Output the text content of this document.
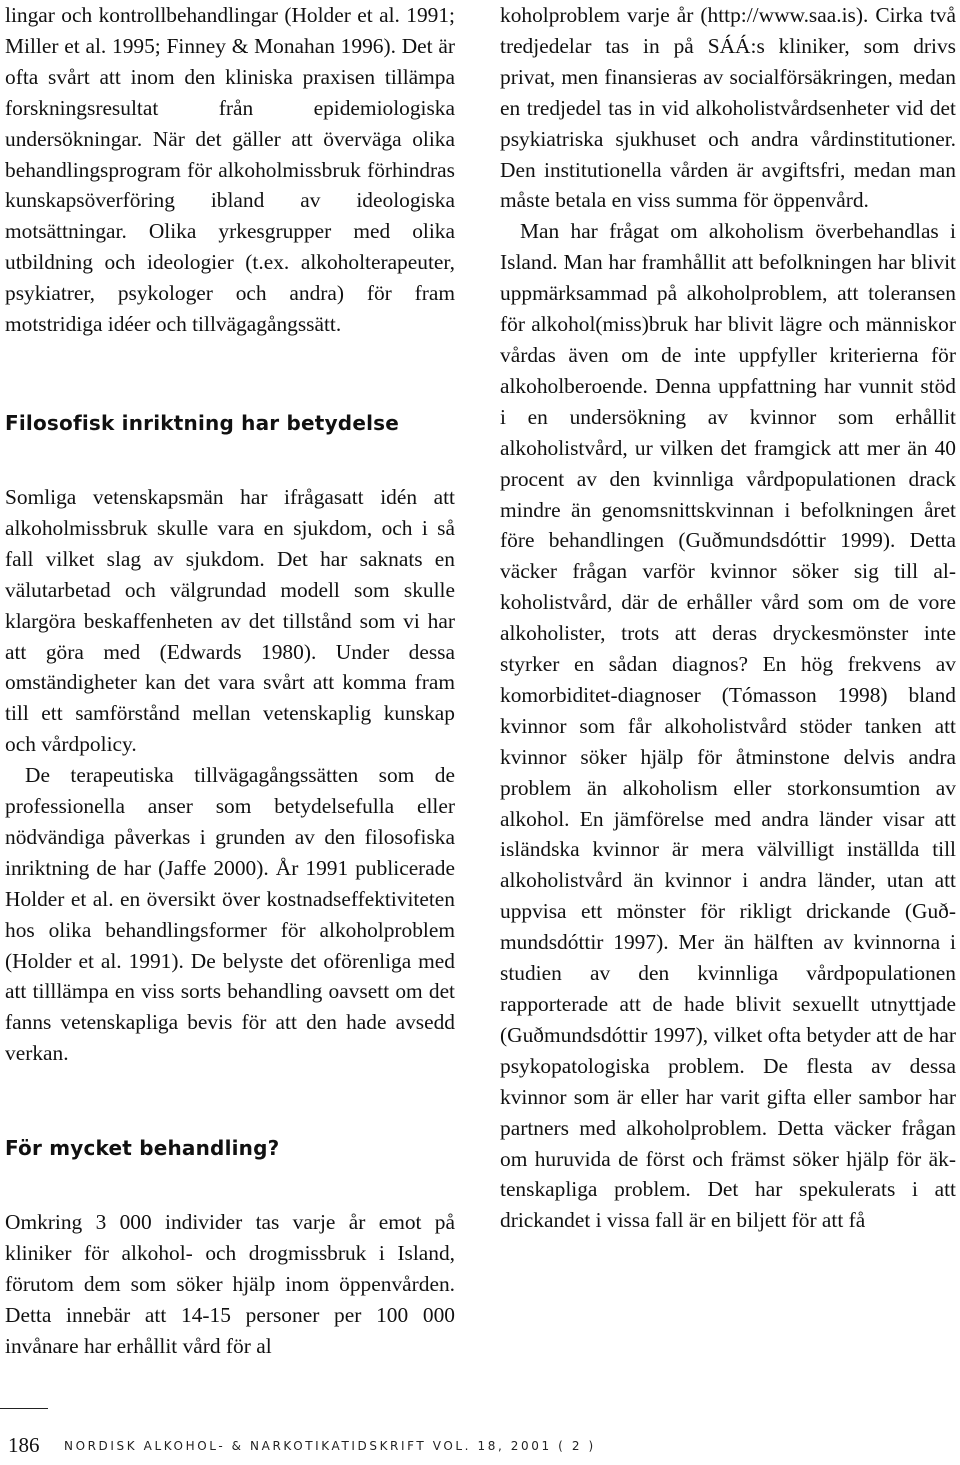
lingar och kontrollbehandlingar (Holder et al. 1991; Miller et al. 1995; Finney & Monahan 1996). Det är ofta svårt att inom den kliniska praxisen tillämpa forskningsresultat från epidemiologiska undersökningar. När det gäller att överväga olika behandlingsprogram för alkoholmissbruk förhindras kunskapsöverföring ibland av ideologiska motsättningar. Olika yrkesgrupper med olika utbildning och ideologier (t.ex. alkoholterapeuter, psykiatrer, psykologer och andra) för fram motstridiga idéer och tillvägagångssätt.

Filosofisk inriktning har betydelse

Somliga vetenskapsmän har ifrågasatt idén att alkoholmissbruk skulle vara en sjukdom, och i så fall vilket slag av sjukdom. Det har saknats en välutarbetad och välgrundad modell som skulle klargöra beskaffenheten av det tillstånd som vi har att göra med (Edwards 1980). Under dessa omständigheter kan det vara svårt att komma fram till ett samförstånd mellan vetenskaplig kunskap och vårdpolicy.

De terapeutiska tillvägagångssätten som de professionella anser som betydelsefulla eller nödvändiga påverkas i grunden av den filosofiska inriktning de har (Jaffe 2000). År 1991 publicerade Holder et al. en översikt över kostnadseffektiviteten hos olika behandlingsformer för alkoholproblem (Holder et al. 1991). De belyste det oförenliga med att tilllämpa en viss sorts behandling oavsett om det fanns vetenskapliga bevis för att den hade avsedd verkan.

För mycket behandling?

Omkring 3 000 individer tas varje år emot på kliniker för alkohol- och drogmissbruk i Island, förutom dem som söker hjälp inom öppenvården. Detta innebär att 14-15 personer per 100 000 invånare har erhållit vård för al

koholproblem varje år (http://www.saa.is). Cirka två tredjedelar tas in på SÁÁ:s kliniker, som drivs privat, men finansieras av socialförsäkringen, medan en tredjedel tas in vid alkoholistvårdsenheter vid det psykiatriska sjukhuset och andra vårdinstitutioner. Den institutionella vården är avgiftsfri, medan man måste betala en viss summa för öppenvård.

Man har frågat om alkoholism överbehandlas i Island. Man har framhållit att befolkningen har blivit uppmärksammad på alkoholproblem, att toleransen för alkohol(miss)bruk har blivit lägre och människor vårdas även om de inte uppfyller kriterierna för alkoholberoende. Denna uppfattning har vunnit stöd i en undersökning av kvinnor som erhållit alkoholistvård, ur vilken det framgick att mer än 40 procent av den kvinnliga vårdpopulationen drack mindre än genomsnittskvinnan i befolkningen året före behandlingen (Guðmundsdóttir 1999). Detta väcker frågan varför kvinnor söker sig till alkoholistvård, där de erhåller vård som om de vore alkoholister, trots att deras dryckesmönster inte styrker en sådan diagnos? En hög frekvens av komorbiditet-diagnoser (Tómasson 1998) bland kvinnor som får alkoholistvård stöder tanken att kvinnor söker hjälp för åtminstone delvis andra problem än alkoholism eller storkonsumtion av alkohol. En jämförelse med andra länder visar att isländska kvinnor är mera välvilligt inställda till alkoholistvård än kvinnor i andra länder, utan att uppvisa ett mönster för rikligt drickande (Guðmundsdóttir 1997). Mer än hälften av kvinnorna i studien av den kvinnliga vårdpopulationen rapporterade att de hade blivit sexuellt utnyttjade (Guðmundsdóttir 1997), vilket ofta betyder att de har psykopatologiska problem. De flesta av dessa kvinnor som är eller har varit gifta eller sambor har partners med alkoholproblem. Detta väcker frågan om huruvida de först och främst söker hjälp för äktenskapliga problem. Det har spekulerats i att drickandet i vissa fall är en biljett för att få

186 NORDISK ALKOHOL- & NARKOTIKATIDSKRIFT VOL. 18, 2001 ( 2 )
